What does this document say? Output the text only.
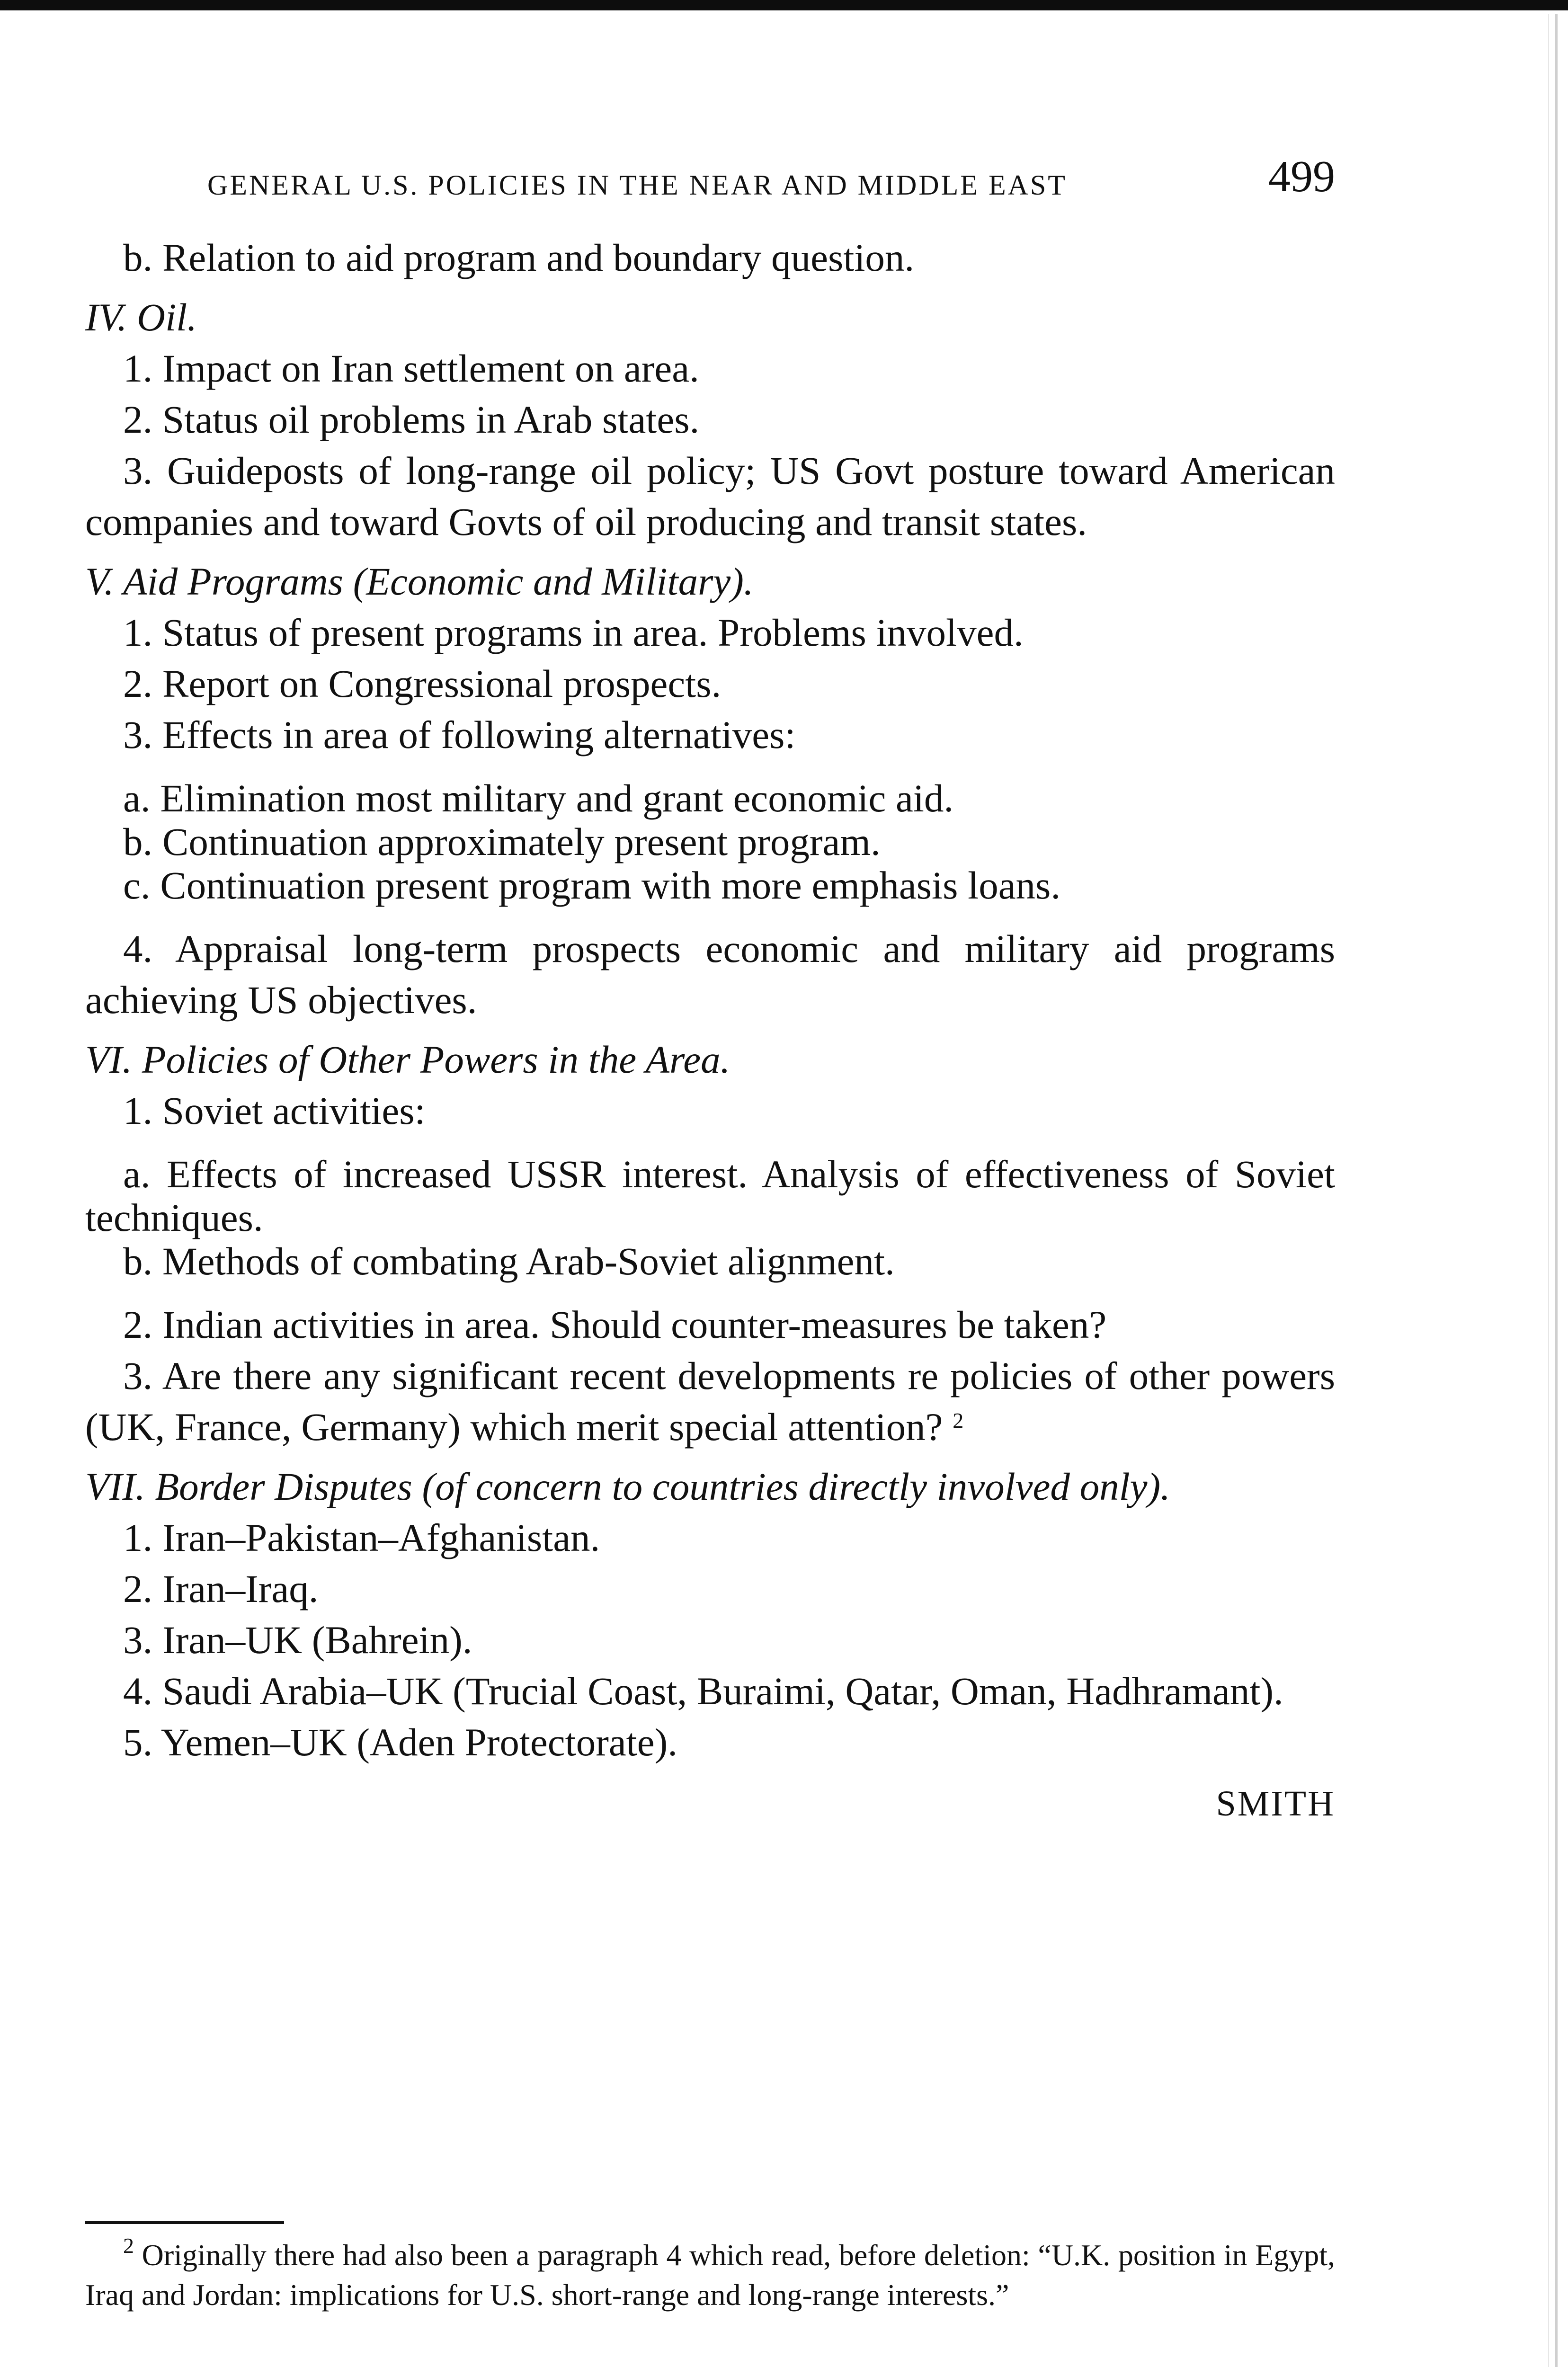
GENERAL U.S. POLICIES IN THE NEAR AND MIDDLE EAST	499

b. Relation to aid program and boundary question.

IV. Oil.

1. Impact on Iran settlement on area.

2. Status oil problems in Arab states.

3. Guideposts of long-range oil policy; US Govt posture toward American companies and toward Govts of oil producing and transit states.

V. Aid Programs (Economic and Military).

1. Status of present programs in area. Problems involved.

2. Report on Congressional prospects.

3. Effects in area of following alternatives:

a. Elimination most military and grant economic aid.

b. Continuation approximately present program.

c. Continuation present program with more emphasis loans.

4. Appraisal long-term prospects economic and military aid programs achieving US objectives.

VI. Policies of Other Powers in the Area.

1. Soviet activities:

a. Effects of increased USSR interest. Analysis of effectiveness of Soviet techniques.

b. Methods of combating Arab-Soviet alignment.

2. Indian activities in area. Should counter-measures be taken?

3. Are there any significant recent developments re policies of other powers (UK, France, Germany) which merit special attention? $^2$

VII. Border Disputes (of concern to countries directly involved only).

1. Iran–Pakistan–Afghanistan.

2. Iran–Iraq.

3. Iran–UK (Bahrein).

4. Saudi Arabia–UK (Trucial Coast, Buraimi, Qatar, Oman, Hadhramant).

5. Yemen–UK (Aden Protectorate).

SMITH

$^2$ Originally there had also been a paragraph 4 which read, before deletion: “U.K. position in Egypt, Iraq and Jordan: implications for U.S. short-range and long-range interests.”
